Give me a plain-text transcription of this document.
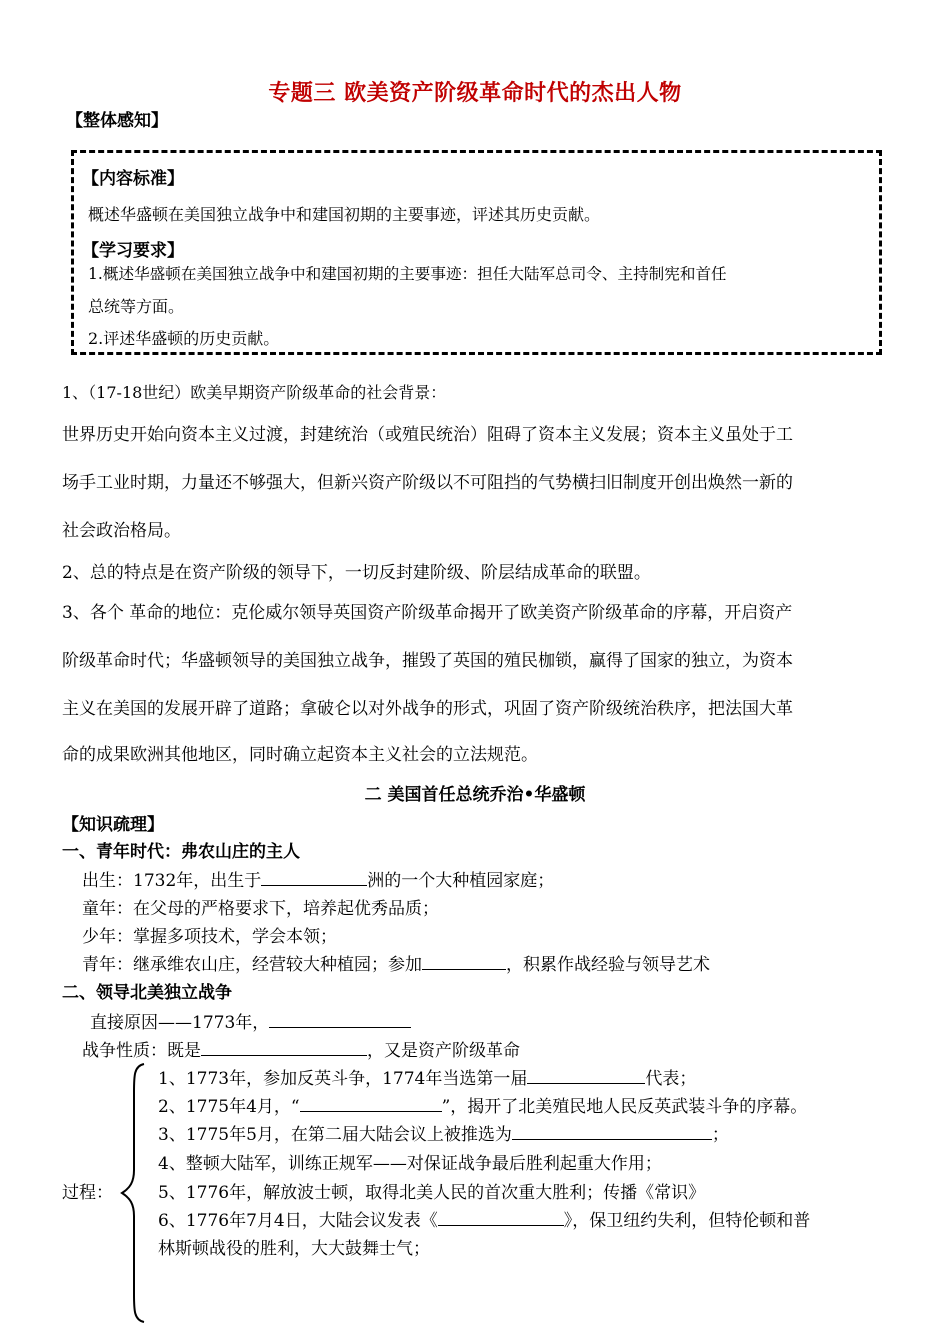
专题三 欧美资产阶级革命时代的杰出人物
【整体感知】
【内容标准】
概述华盛顿在美国独立战争中和建国初期的主要事迹，评述其历史贡献。
【学习要求】
1.概述华盛顿在美国独立战争中和建国初期的主要事迹：担任大陆军总司令、主持制宪和首任
总统等方面。
2.评述华盛顿的历史贡献。
1、（17-18世纪）欧美早期资产阶级革命的社会背景：
世界历史开始向资本主义过渡，封建统治（或殖民统治）阻碍了资本主义发展；资本主义虽处于工
场手工业时期，力量还不够强大，但新兴资产阶级以不可阻挡的气势横扫旧制度开创出焕然一新的
社会政治格局。
2、总的特点是在资产阶级的领导下，一切反封建阶级、阶层结成革命的联盟。
3、各个 革命的地位：克伦威尔领导英国资产阶级革命揭开了欧美资产阶级革命的序幕，开启资产
阶级革命时代；华盛顿领导的美国独立战争，摧毁了英国的殖民枷锁，赢得了国家的独立，为资本
主义在美国的发展开辟了道路；拿破仑以对外战争的形式，巩固了资产阶级统治秩序，把法国大革
命的成果欧洲其他地区，同时确立起资本主义社会的立法规范。
二 美国首任总统乔治•华盛顿
【知识疏理】
一、青年时代：弗农山庄的主人
出生：1732年，出生于	洲的一个大种植园家庭；
童年：在父母的严格要求下，培养起优秀品质；
少年：掌握多项技术，学会本领；
青年：继承维农山庄，经营较大种植园；参加	，积累作战经验与领导艺术
二、领导北美独立战争
直接原因——1773年，
战争性质：既是	，又是资产阶级革命
过程：
1、1773年，参加反英斗争，1774年当选第一届	代表；
2、1775年4月，“	”，揭开了北美殖民地人民反英武装斗争的序幕。
3、1775年5月，在第二届大陆会议上被推选为	；
4、整顿大陆军，训练正规军——对保证战争最后胜利起重大作用；
5、1776年，解放波士顿，取得北美人民的首次重大胜利；传播《常识》
6、1776年7月4日，大陆会议发表《	》，保卫纽约失利，但特伦顿和普
林斯顿战役的胜利，大大鼓舞士气；
